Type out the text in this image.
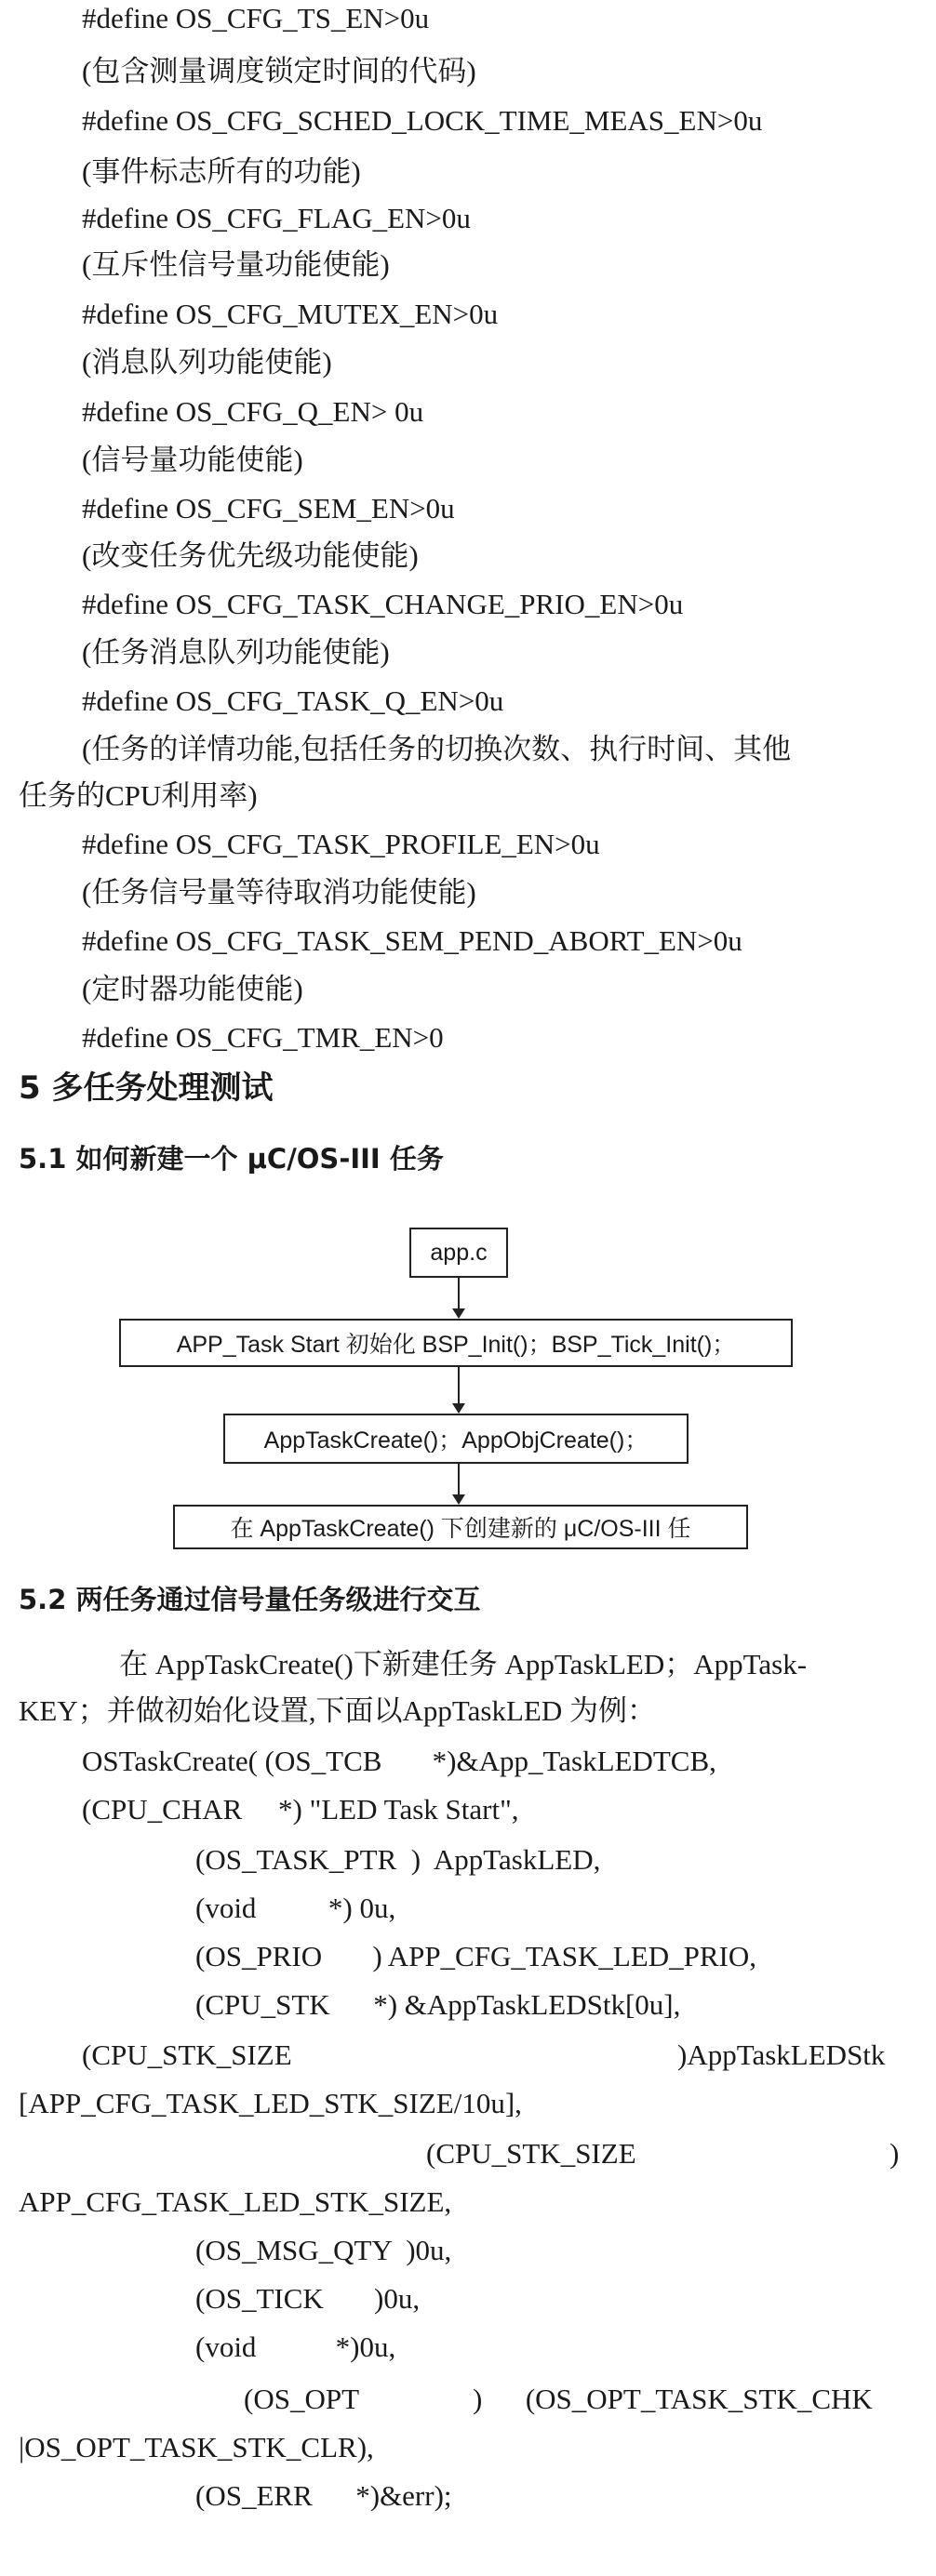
#define OS_CFG_TS_EN>0u
(包含测量调度锁定时间的代码)
#define OS_CFG_SCHED_LOCK_TIME_MEAS_EN>0u
(事件标志所有的功能)
#define OS_CFG_FLAG_EN>0u
(互斥性信号量功能使能)
#define OS_CFG_MUTEX_EN>0u
(消息队列功能使能)
#define OS_CFG_Q_EN> 0u
(信号量功能使能)
#define OS_CFG_SEM_EN>0u
(改变任务优先级功能使能)
#define OS_CFG_TASK_CHANGE_PRIO_EN>0u
(任务消息队列功能使能)
#define OS_CFG_TASK_Q_EN>0u
(任务的详情功能,包括任务的切换次数、执行时间、其他
任务的CPU利用率)
#define OS_CFG_TASK_PROFILE_EN>0u
(任务信号量等待取消功能使能)
#define OS_CFG_TASK_SEM_PEND_ABORT_EN>0u
(定时器功能使能)
#define OS_CFG_TMR_EN>0
5 多任务处理测试
5.1 如何新建一个 μC/OS-III 任务
app.c
APP_Task Start 初始化 BSP_Init()；BSP_Tick_Init()；
AppTaskCreate()；AppObjCreate()；
在 AppTaskCreate() 下创建新的 μC/OS-III 任
5.2 两任务通过信号量任务级进行交互
在 AppTaskCreate()下新建任务 AppTaskLED；AppTask-
KEY；并做初始化设置,下面以AppTaskLED 为例：
OSTaskCreate( (OS_TCB       *)&App_TaskLEDTCB,
(CPU_CHAR     *) "LED Task Start",
(OS_TASK_PTR  )  AppTaskLED,
(void          *) 0u,
(OS_PRIO       ) APP_CFG_TASK_LED_PRIO,
(CPU_STK      *) &AppTaskLEDStk[0u],
(CPU_STK_SIZE	)AppTaskLEDStk
[APP_CFG_TASK_LED_STK_SIZE/10u],
(CPU_STK_SIZE	)
APP_CFG_TASK_LED_STK_SIZE,
(OS_MSG_QTY  )0u,
(OS_TICK       )0u,
(void           *)0u,
(OS_OPT	)      (OS_OPT_TASK_STK_CHK
|OS_OPT_TASK_STK_CLR),
(OS_ERR      *)&err);
